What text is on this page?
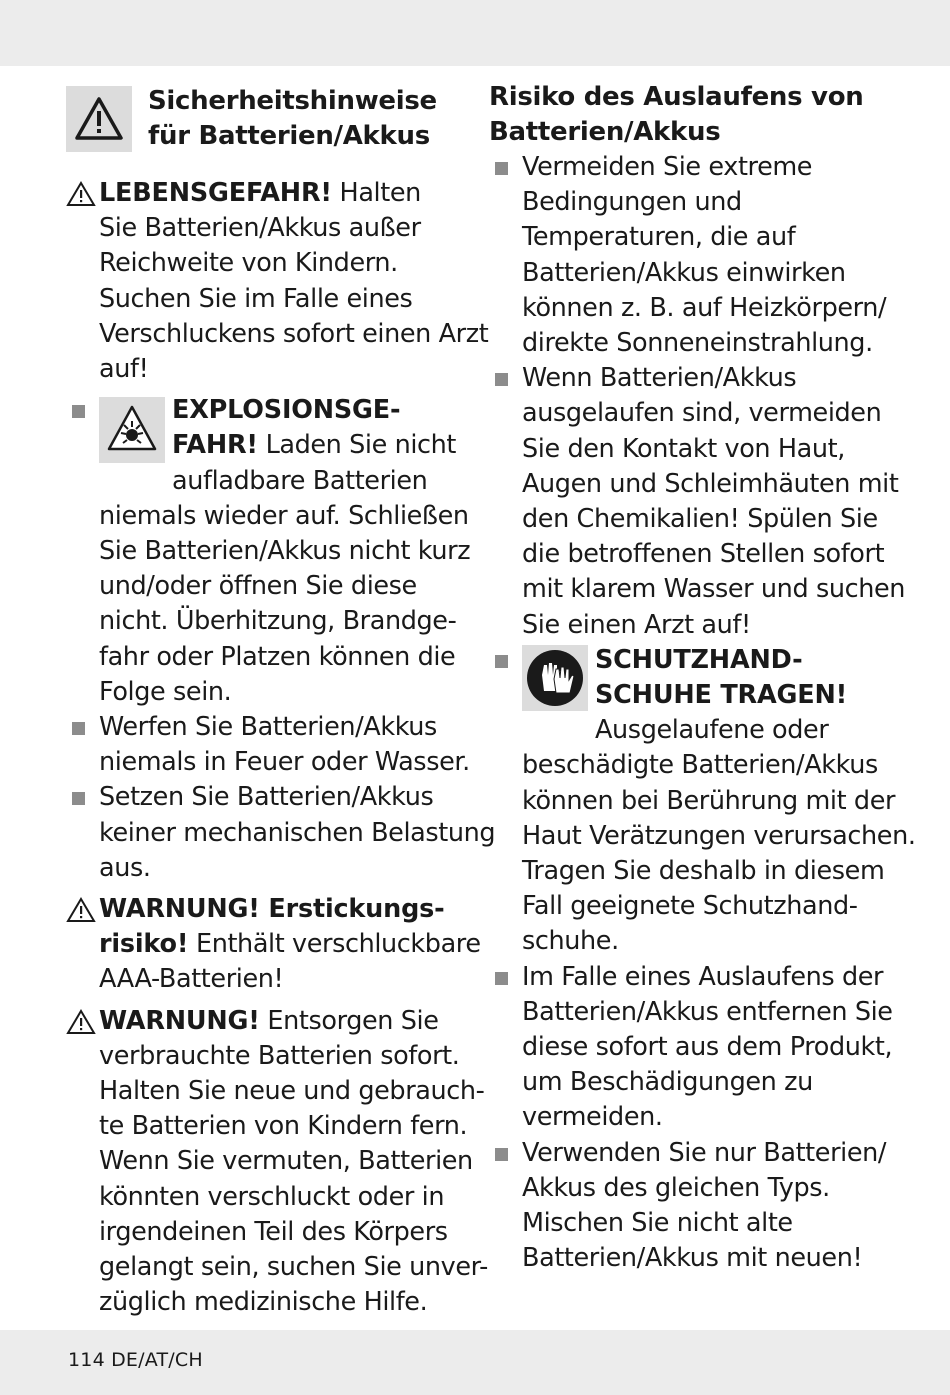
Sicherheitshinweise
für Batterien/Akkus
LEBENSGEFAHR! Halten
Sie Batterien/Akkus außer
Reichweite von Kindern.
Suchen Sie im Falle eines
Verschluckens sofort einen Arzt
auf!
EXPLOSIONSGE-
FAHR! Laden Sie nicht
aufladbare Batterien
niemals wieder auf. Schließen
Sie Batterien/Akkus nicht kurz
und/oder öffnen Sie diese
nicht. Überhitzung, Brandge-
fahr oder Platzen können die
Folge sein.
Werfen Sie Batterien/Akkus
niemals in Feuer oder Wasser.
Setzen Sie Batterien/Akkus
keiner mechanischen Belastung
aus.
WARNUNG! Erstickungs-
risiko! Enthält verschluckbare
AAA-Batterien!
WARNUNG! Entsorgen Sie
verbrauchte Batterien sofort.
Halten Sie neue und gebrauch-
te Batterien von Kindern fern.
Wenn Sie vermuten, Batterien
könnten verschluckt oder in
irgendeinen Teil des Körpers
gelangt sein, suchen Sie unver-
züglich medizinische Hilfe.
Risiko des Auslaufens von
Batterien/Akkus
Vermeiden Sie extreme
Bedingungen und
Temperaturen, die auf
Batterien/Akkus einwirken
können z. B. auf Heizkörpern/
direkte Sonneneinstrahlung.
Wenn Batterien/Akkus
ausgelaufen sind, vermeiden
Sie den Kontakt von Haut,
Augen und Schleimhäuten mit
den Chemikalien! Spülen Sie
die betroffenen Stellen sofort
mit klarem Wasser und suchen
Sie einen Arzt auf!
SCHUTZHAND-
SCHUHE TRAGEN!
Ausgelaufene oder
beschädigte Batterien/Akkus
können bei Berührung mit der
Haut Verätzungen verursachen.
Tragen Sie deshalb in diesem
Fall geeignete Schutzhand-
schuhe.
Im Falle eines Auslaufens der
Batterien/Akkus entfernen Sie
diese sofort aus dem Produkt,
um Beschädigungen zu
vermeiden.
Verwenden Sie nur Batterien/
Akkus des gleichen Typs.
Mischen Sie nicht alte
Batterien/Akkus mit neuen!
114 DE/AT/CH
